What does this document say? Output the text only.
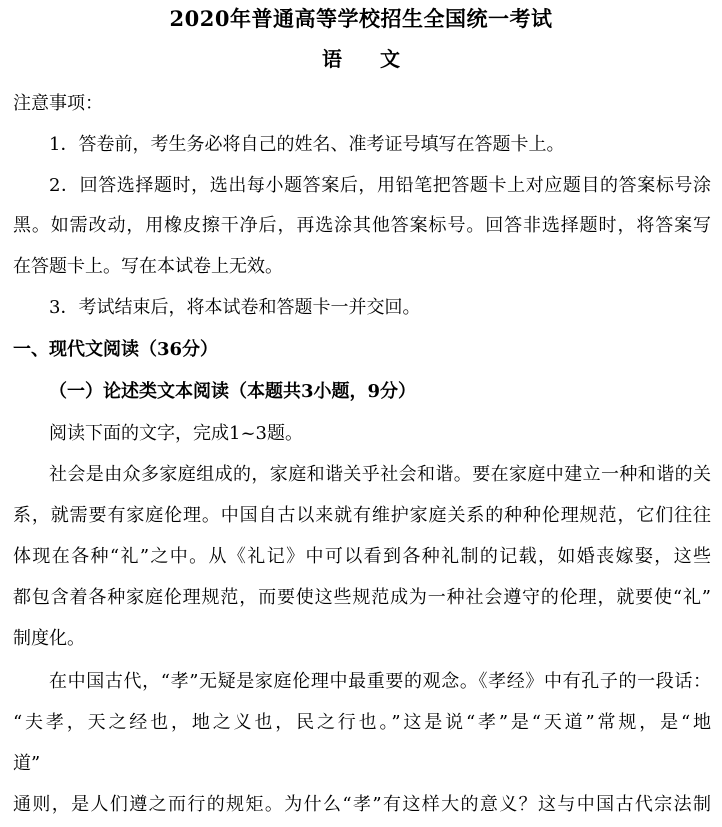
2020年普通高等学校招生全国统一考试

语 文

注意事项：

1．答卷前，考生务必将自己的姓名、准考证号填写在答题卡上。

2．回答选择题时，选出每小题答案后，用铅笔把答题卡上对应题目的答案标号涂

黑。如需改动，用橡皮擦干净后，再选涂其他答案标号。回答非选择题时，将答案写

在答题卡上。写在本试卷上无效。

3．考试结束后，将本试卷和答题卡一并交回。

一、现代文阅读（36分）

（一）论述类文本阅读（本题共3小题，9分）

阅读下面的文字，完成1~3题。

社会是由众多家庭组成的，家庭和谐关乎社会和谐。要在家庭中建立一种和谐的关

系，就需要有家庭伦理。中国自古以来就有维护家庭关系的种种伦理规范，它们往往

体现在各种“礼”之中。从《礼记》中可以看到各种礼制的记载，如婚丧嫁娶，这些

都包含着各种家庭伦理规范，而要使这些规范成为一种社会遵守的伦理，就要使“礼”

制度化。

在中国古代，“孝”无疑是家庭伦理中最重要的观念。《孝经》中有孔子的一段话：

“夫孝，天之经也，地之义也，民之行也。”这是说“孝”是“天道”常规，是“地

道”

通则，是人们遵之而行的规矩。为什么“孝”有这样大的意义？这与中国古代宗法制
